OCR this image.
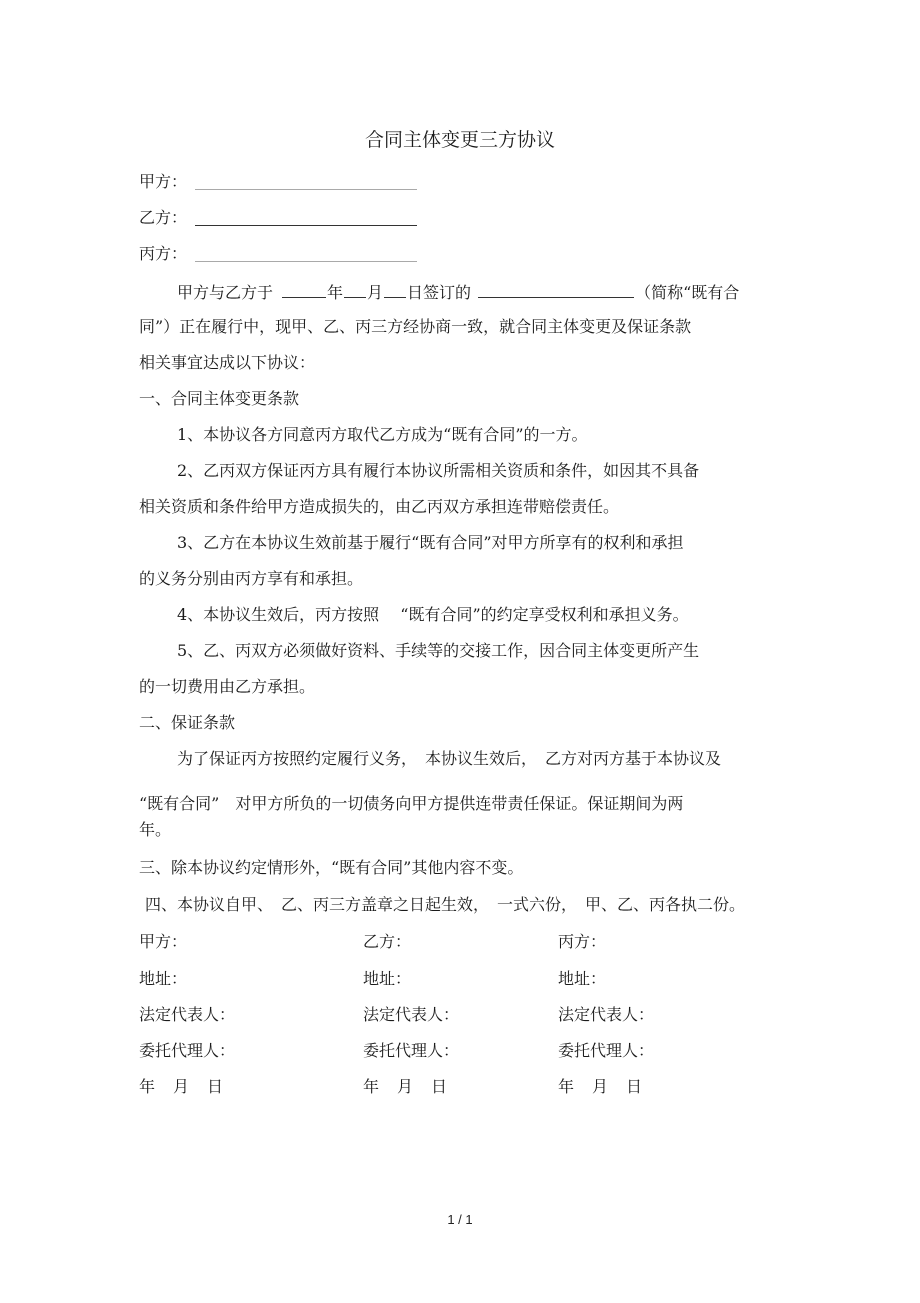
合同主体变更三方协议
甲方：
乙方：
丙方：
甲方与乙方于	年 月 日签订的	（简称“既有合
同”）正在履行中，现甲、乙、丙三方经协商一致，就合同主体变更及保证条款
相关事宜达成以下协议：
一、合同主体变更条款
1、本协议各方同意丙方取代乙方成为“既有合同”的一方。
2、乙丙双方保证丙方具有履行本协议所需相关资质和条件，如因其不具备
相关资质和条件给甲方造成损失的，由乙丙双方承担连带赔偿责任。
3、乙方在本协议生效前基于履行“既有合同”对甲方所享有的权利和承担
的义务分别由丙方享有和承担。
4、本协议生效后，丙方按照　 “既有合同”的约定享受权利和承担义务。
5、乙、丙双方必须做好资料、手续等的交接工作，因合同主体变更所产生
的一切费用由乙方承担。
二、保证条款
为了保证丙方按照约定履行义务，　本协议生效后，　乙方对丙方基于本协议及
“既有合同”　对甲方所负的一切债务向甲方提供连带责任保证。保证期间为两
年。
三、除本协议约定情形外，“既有合同”其他内容不变。
四、本协议自甲、　乙、丙三方盖章之日起生效，　一式六份，　甲、乙、丙各执二份。
甲方：	乙方：	丙方：
地址：	地址：	地址：
法定代表人：	法定代表人：	法定代表人：
委托代理人：	委托代理人：	委托代理人：
年 月 日	年 月 日	年 月 日
1 / 1
